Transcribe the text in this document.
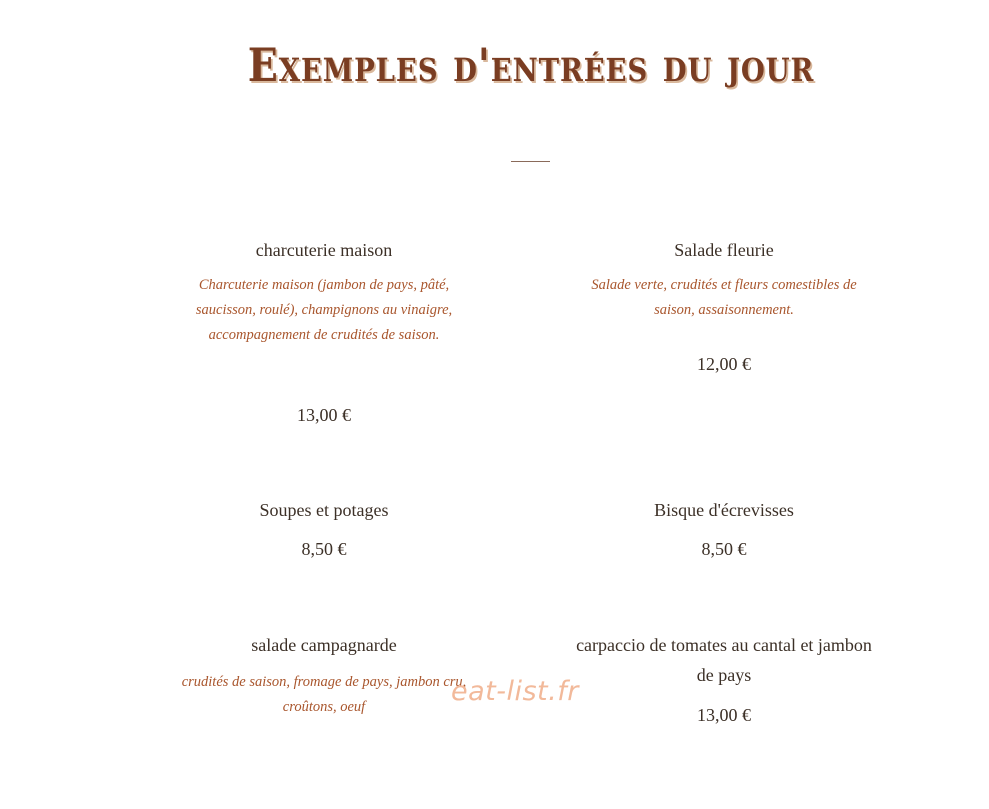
Exemples d'entrées du jour
charcuterie maison
Charcuterie maison (jambon de pays, pâté, saucisson, roulé), champignons au vinaigre, accompagnement de crudités de saison.
13,00 €
Salade fleurie
Salade verte, crudités et fleurs comestibles de saison, assaisonnement.
12,00 €
Soupes et potages
8,50 €
Bisque d'écrevisses
8,50 €
salade campagnarde
crudités de saison, fromage de pays, jambon cru, croûtons, oeuf
carpaccio de tomates au cantal et jambon de pays
13,00 €
eat-list.fr
